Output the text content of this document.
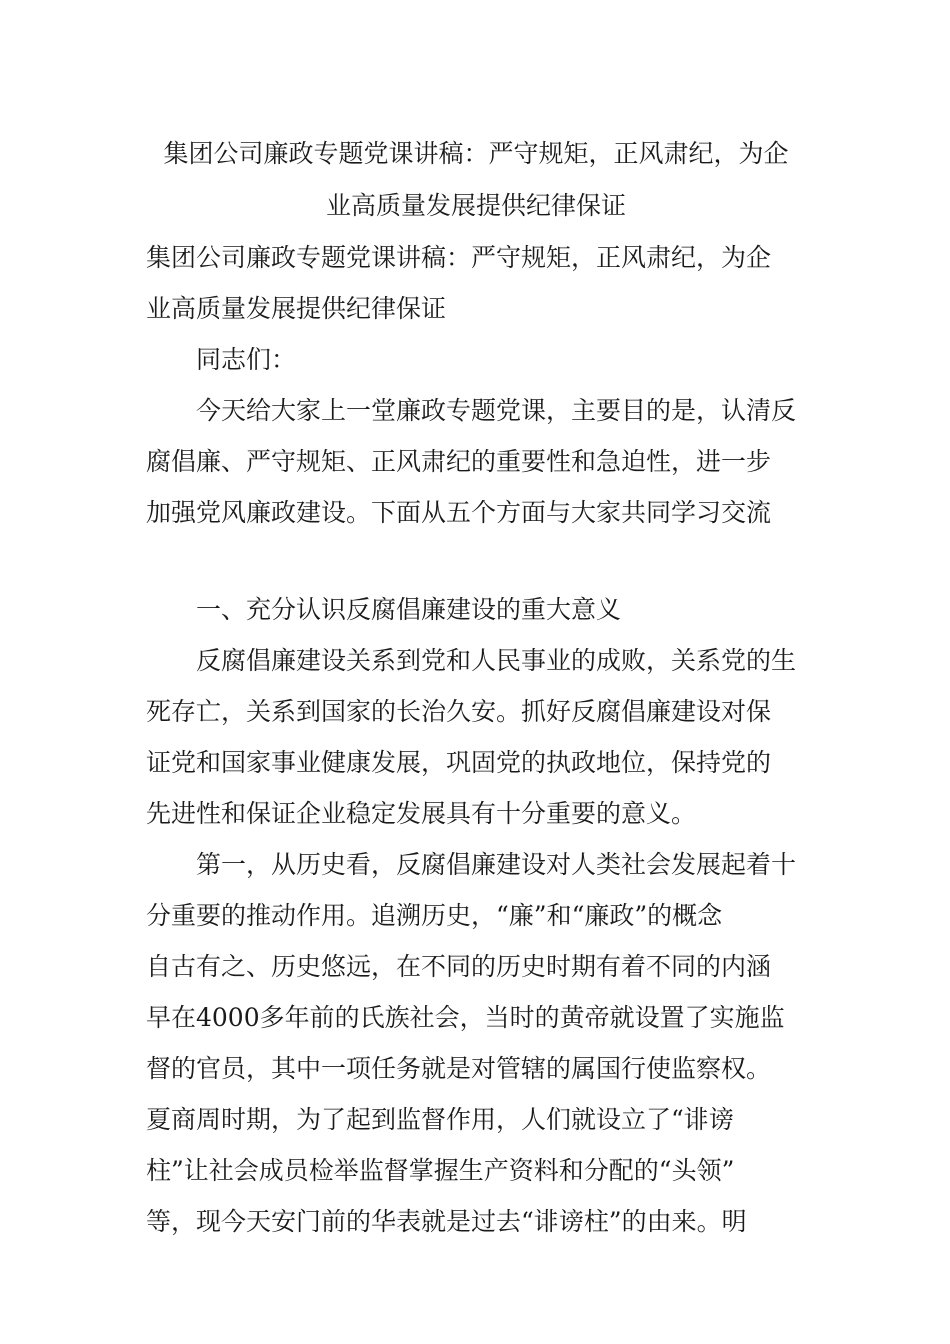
集团公司廉政专题党课讲稿：严守规矩，正风肃纪，为企
业高质量发展提供纪律保证

集团公司廉政专题党课讲稿：严守规矩，正风肃纪，为企
业高质量发展提供纪律保证

同志们：

今天给大家上一堂廉政专题党课，主要目的是，认清反
腐倡廉、严守规矩、正风肃纪的重要性和急迫性，进一步
加强党风廉政建设。下面从五个方面与大家共同学习交流

一、充分认识反腐倡廉建设的重大意义

反腐倡廉建设关系到党和人民事业的成败，关系党的生
死存亡，关系到国家的长治久安。抓好反腐倡廉建设对保
证党和国家事业健康发展，巩固党的执政地位，保持党的
先进性和保证企业稳定发展具有十分重要的意义。

第一，从历史看，反腐倡廉建设对人类社会发展起着十
分重要的推动作用。追溯历史，“廉”和“廉政”的概念
自古有之、历史悠远，在不同的历史时期有着不同的内涵
早在4000多年前的氏族社会，当时的黄帝就设置了实施监
督的官员，其中一项任务就是对管辖的属国行使监察权。
夏商周时期，为了起到监督作用，人们就设立了“诽谤
柱”让社会成员检举监督掌握生产资料和分配的“头领”
等，现今天安门前的华表就是过去“诽谤柱”的由来。明
